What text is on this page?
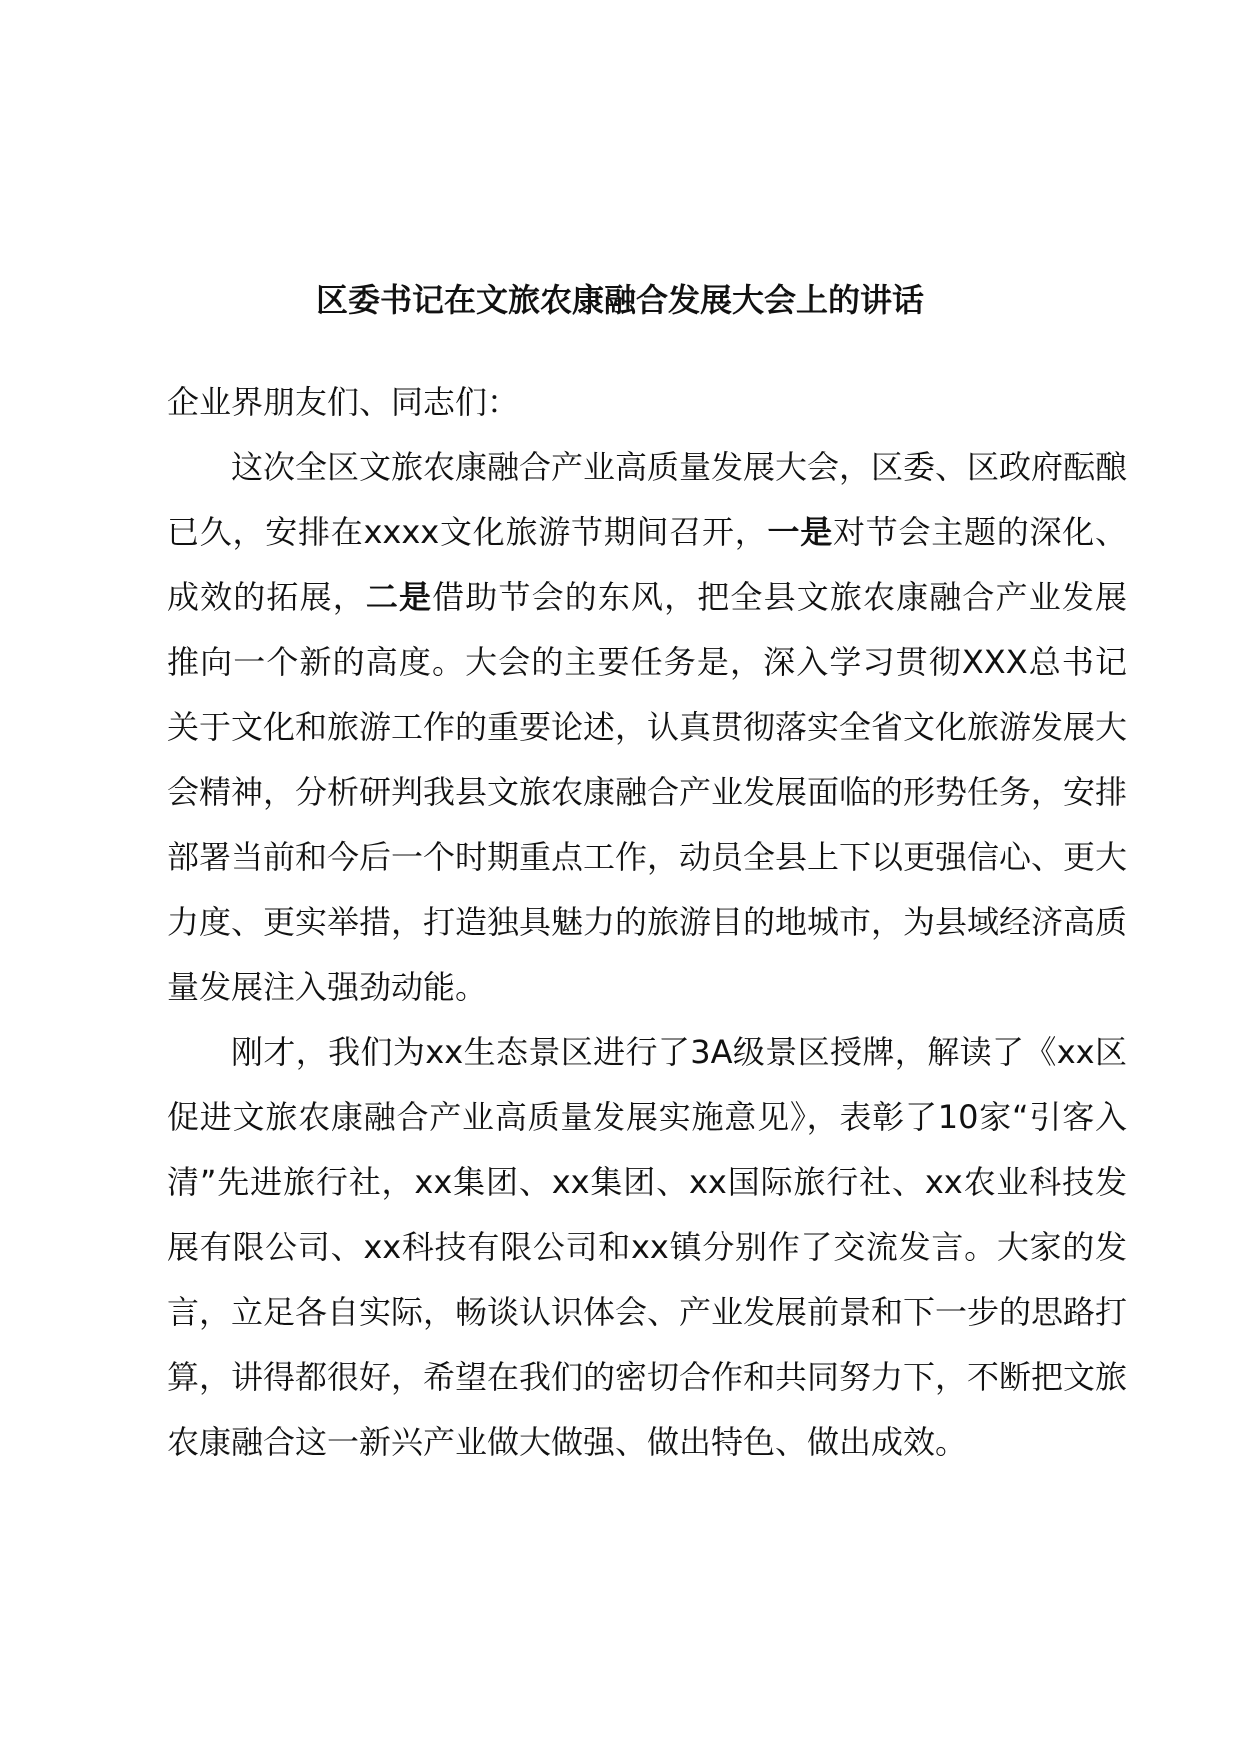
区委书记在文旅农康融合发展大会上的讲话

企业界朋友们、同志们：

这次全区文旅农康融合产业高质量发展大会，区委、区政府酝酿已久，安排在xxxx文化旅游节期间召开，一是对节会主题的深化、成效的拓展，二是借助节会的东风，把全县文旅农康融合产业发展推向一个新的高度。大会的主要任务是，深入学习贯彻XXX总书记关于文化和旅游工作的重要论述，认真贯彻落实全省文化旅游发展大会精神，分析研判我县文旅农康融合产业发展面临的形势任务，安排部署当前和今后一个时期重点工作，动员全县上下以更强信心、更大力度、更实举措，打造独具魅力的旅游目的地城市，为县域经济高质量发展注入强劲动能。

刚才，我们为xx生态景区进行了3A级景区授牌，解读了《xx区促进文旅农康融合产业高质量发展实施意见》，表彰了10家“引客入清”先进旅行社，xx集团、xx集团、xx国际旅行社、xx农业科技发展有限公司、xx科技有限公司和xx镇分别作了交流发言。大家的发言，立足各自实际，畅谈认识体会、产业发展前景和下一步的思路打算，讲得都很好，希望在我们的密切合作和共同努力下，不断把文旅农康融合这一新兴产业做大做强、做出特色、做出成效。
